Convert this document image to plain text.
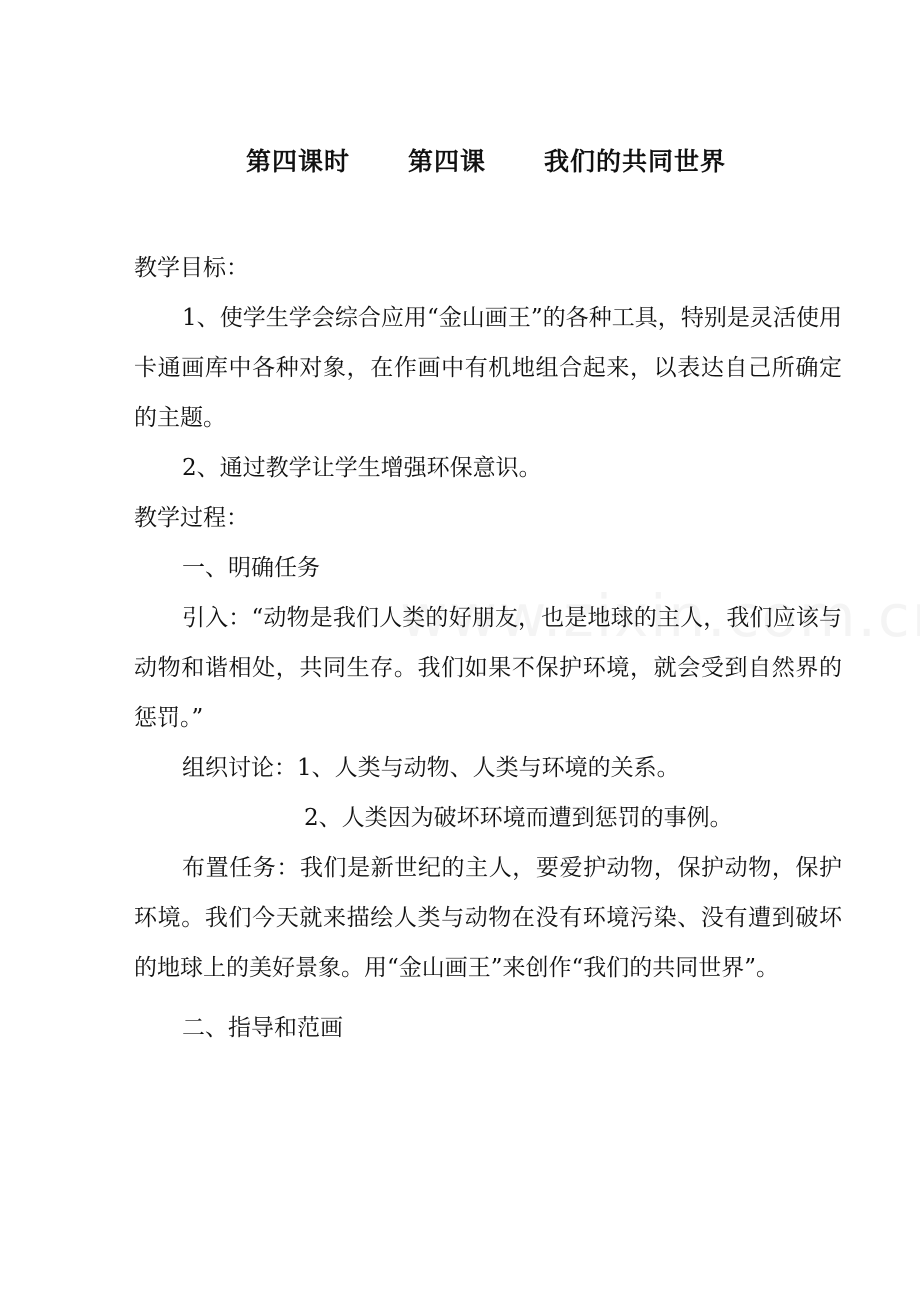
第四课时 第四课 我们的共同世界

教学目标：

1、使学生学会综合应用“金山画王”的各种工具，特别是灵活使用卡通画库中各种对象，在作画中有机地组合起来，以表达自己所确定的主题。

2、通过教学让学生增强环保意识。

教学过程：

一、明确任务

引入：“动物是我们人类的好朋友，也是地球的主人，我们应该与动物和谐相处，共同生存。我们如果不保护环境，就会受到自然界的惩罚。”

组织讨论：1、人类与动物、人类与环境的关系。

2、人类因为破坏环境而遭到惩罚的事例。

布置任务：我们是新世纪的主人，要爱护动物，保护动物，保护环境。我们今天就来描绘人类与动物在没有环境污染、没有遭到破坏的地球上的美好景象。用“金山画王”来创作“我们的共同世界”。

二、指导和范画
